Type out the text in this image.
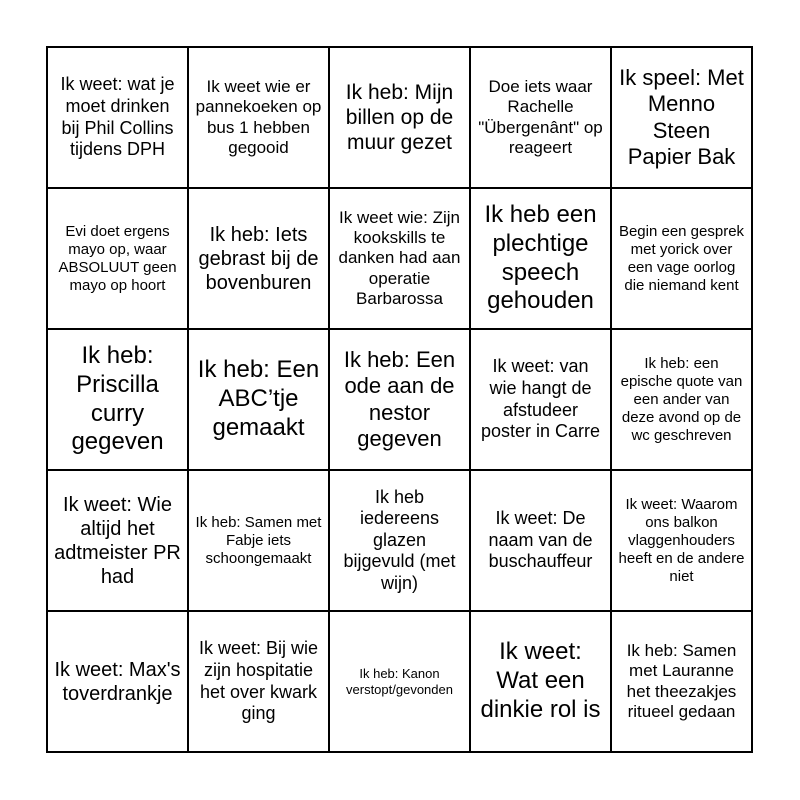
Ik weet: wat je moet drinken bij Phil Collins tijdens DPH
Ik weet wie er pannekoeken op bus 1 hebben gegooid
Ik heb: Mijn billen op de muur gezet
Doe iets waar Rachelle "Übergenânt" op reageert
Ik speel: Met Menno Steen Papier Bak
Evi doet ergens mayo op, waar ABSOLUUT geen mayo op hoort
Ik heb: Iets gebrast bij de bovenburen
Ik weet wie: Zijn kookskills te danken had aan operatie Barbarossa
Ik heb een plechtige speech gehouden
Begin een gesprek met yorick over een vage oorlog die niemand kent
Ik heb: Priscilla curry gegeven
Ik heb: Een ABC’tje gemaakt
Ik heb: Een ode aan de nestor gegeven
Ik weet: van wie hangt de afstudeer poster in Carre
Ik heb: een epische quote van een ander van deze avond op de wc geschreven
Ik weet: Wie altijd het adtmeister PR had
Ik heb: Samen met Fabje iets schoongemaakt
Ik heb iedereens glazen bijgevuld (met wijn)
Ik weet: De naam van de buschauffeur
Ik weet: Waarom ons balkon vlaggenhouders heeft en de andere niet
Ik weet: Max's toverdrankje
Ik weet: Bij wie zijn hospitatie het over kwark ging
Ik heb: Kanon verstopt/gevonden
Ik weet: Wat een dinkie rol is
Ik heb: Samen met Lauranne het theezakjes ritueel gedaan
